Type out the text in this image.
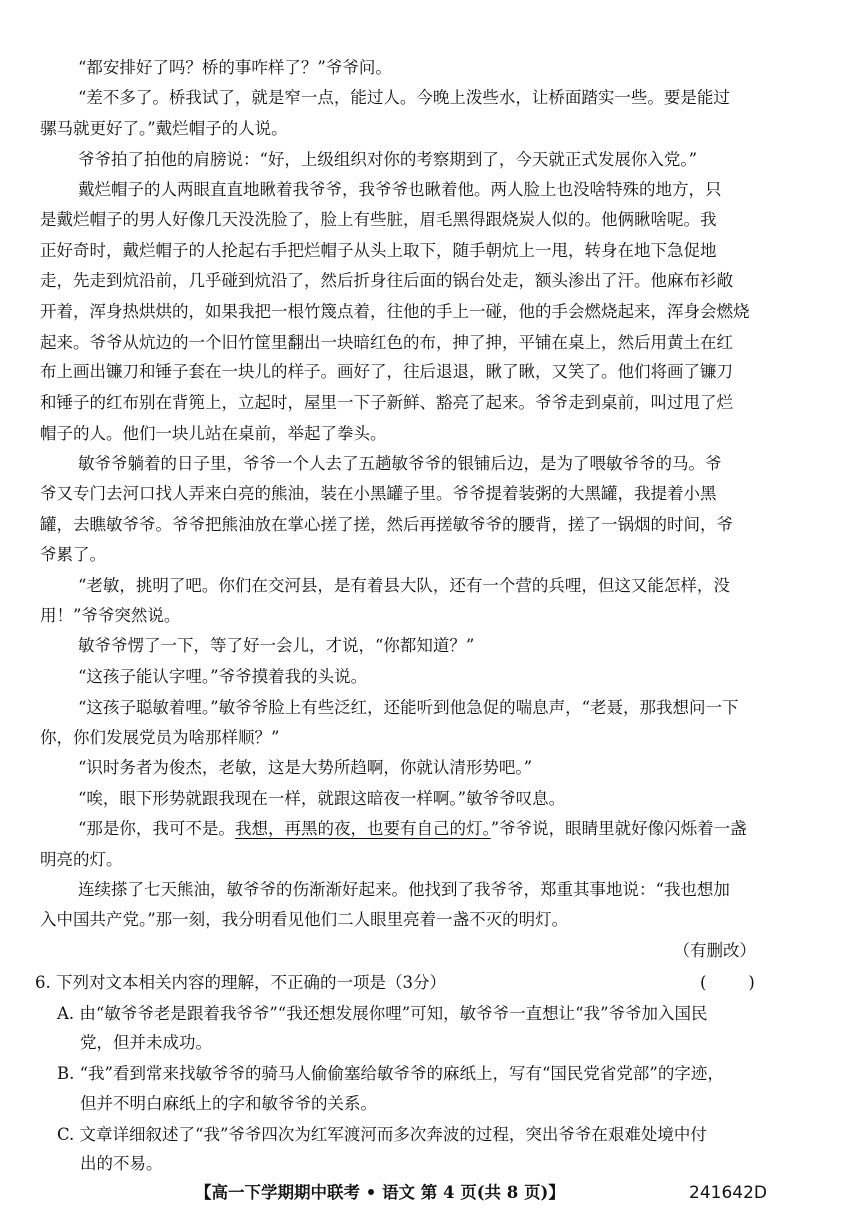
“都安排好了吗？桥的事咋样了？”爷爷问。
“差不多了。桥我试了，就是窄一点，能过人。今晚上泼些水，让桥面踏实一些。要是能过
骡马就更好了。”戴烂帽子的人说。
爷爷拍了拍他的肩膀说：“好，上级组织对你的考察期到了，今天就正式发展你入党。”
戴烂帽子的人两眼直直地瞅着我爷爷，我爷爷也瞅着他。两人脸上也没啥特殊的地方，只
是戴烂帽子的男人好像几天没洗脸了，脸上有些脏，眉毛黑得跟烧炭人似的。他俩瞅啥呢。我
正好奇时，戴烂帽子的人抡起右手把烂帽子从头上取下，随手朝炕上一甩，转身在地下急促地
走，先走到炕沿前，几乎碰到炕沿了，然后折身往后面的锅台处走，额头渗出了汗。他麻布衫敞
开着，浑身热烘烘的，如果我把一根竹篾点着，往他的手上一碰，他的手会燃烧起来，浑身会燃烧
起来。爷爷从炕边的一个旧竹筐里翻出一块暗红色的布，抻了抻，平铺在桌上，然后用黄土在红
布上画出镰刀和锤子套在一块儿的样子。画好了，往后退退，瞅了瞅，又笑了。他们将画了镰刀
和锤子的红布别在背篼上，立起时，屋里一下子新鲜、豁亮了起来。爷爷走到桌前，叫过甩了烂
帽子的人。他们一块儿站在桌前，举起了拳头。
敏爷爷躺着的日子里，爷爷一个人去了五趟敏爷爷的银铺后边，是为了喂敏爷爷的马。爷
爷又专门去河口找人弄来白亮的熊油，装在小黑罐子里。爷爷提着装粥的大黑罐，我提着小黑
罐，去瞧敏爷爷。爷爷把熊油放在掌心搓了搓，然后再搓敏爷爷的腰背，搓了一锅烟的时间，爷
爷累了。
“老敏，挑明了吧。你们在交河县，是有着县大队，还有一个营的兵哩，但这又能怎样，没
用！”爷爷突然说。
敏爷爷愣了一下，等了好一会儿，才说，“你都知道？”
“这孩子能认字哩。”爷爷摸着我的头说。
“这孩子聪敏着哩。”敏爷爷脸上有些泛红，还能听到他急促的喘息声，“老聂，那我想问一下
你，你们发展党员为啥那样顺？”
“识时务者为俊杰，老敏，这是大势所趋啊，你就认清形势吧。”
“唉，眼下形势就跟我现在一样，就跟这暗夜一样啊。”敏爷爷叹息。
“那是你，我可不是。我想，再黑的夜，也要有自己的灯。”爷爷说，眼睛里就好像闪烁着一盏
明亮的灯。
连续搽了七天熊油，敏爷爷的伤渐渐好起来。他找到了我爷爷，郑重其事地说：“我也想加
入中国共产党。”那一刻，我分明看见他们二人眼里亮着一盏不灭的明灯。
（有删改）
6. 下列对文本相关内容的理解，不正确的一项是（3分）	(        )
A. 由“敏爷爷老是跟着我爷爷”“我还想发展你哩”可知，敏爷爷一直想让“我”爷爷加入国民
党，但并未成功。
B. “我”看到常来找敏爷爷的骑马人偷偷塞给敏爷爷的麻纸上，写有“国民党省党部”的字迹，
但并不明白麻纸上的字和敏爷爷的关系。
C. 文章详细叙述了“我”爷爷四次为红军渡河而多次奔波的过程，突出爷爷在艰难处境中付
出的不易。
【高一下学期期中联考 • 语文 第 4 页(共 8 页)】	241642D
